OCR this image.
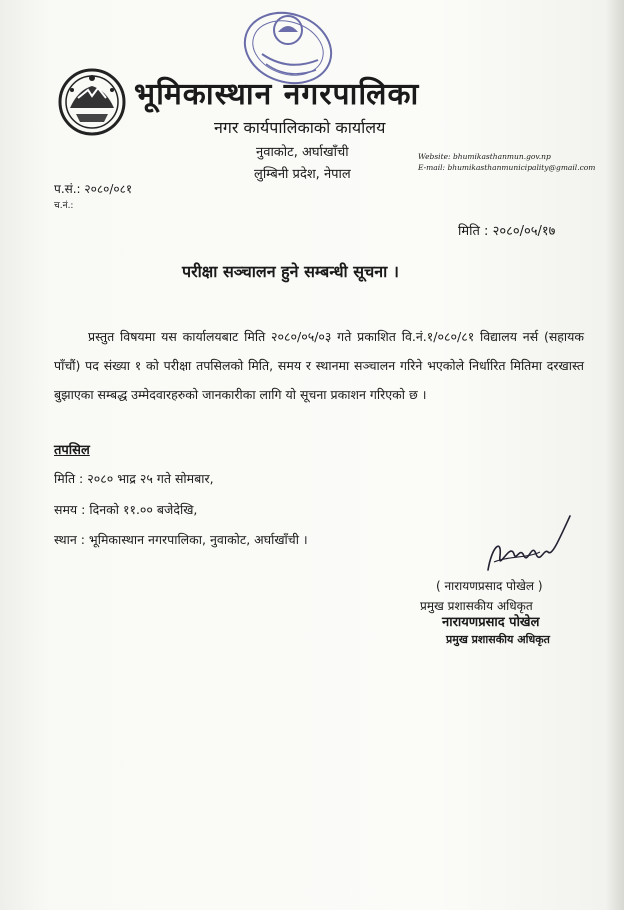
भूमिकास्थान नगरपालिका
नगर कार्यपालिकाको कार्यालय
नुवाकोट, अर्घाखाँची
लुम्बिनी प्रदेश, नेपाल
Website: bhumikasthanmun.gov.np
E-mail: bhumikasthanmunicipality@gmail.com
प.सं.: २०८०/०८१
च.नं.:
मिति : २०८०/०५/१७
परीक्षा सञ्चालन हुने सम्बन्धी सूचना ।
प्रस्तुत विषयमा यस कार्यालयबाट मिति २०८०/०५/०३ गते प्रकाशित वि.नं.१/०८०/८१ विद्यालय नर्स (सहायक पाँचौं) पद संख्या १ को परीक्षा तपसिलको मिति, समय र स्थानमा सञ्चालन गरिने भएकोले निर्धारित मितिमा दरखास्त बुझाएका सम्बद्ध उम्मेदवारहरुको जानकारीका लागि यो सूचना प्रकाशन गरिएको छ ।
तपसिल
मिति : २०८० भाद्र २५ गते सोमबार,
समय : दिनको ११.०० बजेदेखि,
स्थान : भूमिकास्थान नगरपालिका, नुवाकोट, अर्घाखाँची ।
( नारायणप्रसाद पोखेल )
प्रमुख प्रशासकीय अधिकृत
नारायणप्रसाद पोखेल
प्रमुख प्रशासकीय अधिकृत
